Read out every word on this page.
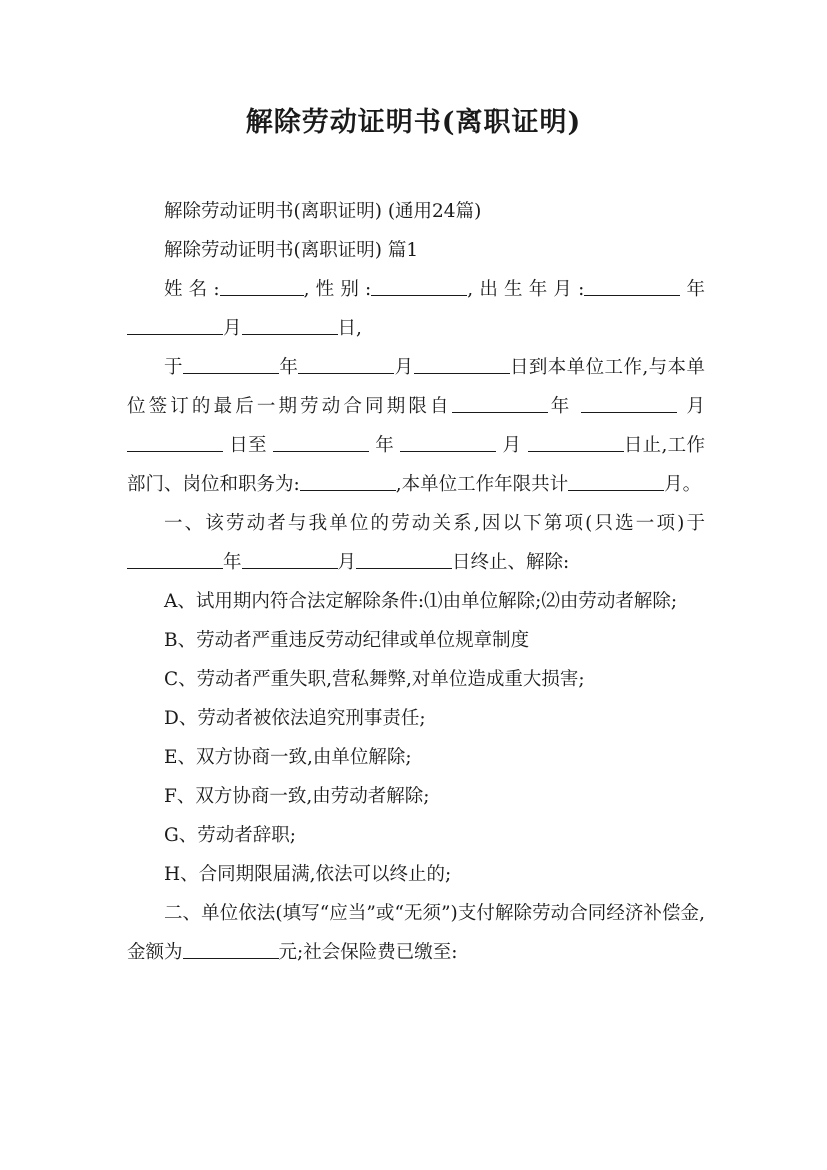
解除劳动证明书(离职证明)

解除劳动证明书(离职证明) (通用24篇)

解除劳动证明书(离职证明) 篇1

姓名:	,性别:	,出生年月:	年月	日,

于	年	月	日到本单位工作,与本单位签订的最后一期劳动合同期限自	年	月  日至	年	月	日止,工作部门、岗位和职务为:	,本单位工作年限共计	月。

一、该劳动者与我单位的劳动关系,因以下第项(只选一项)于年	月	日终止、解除:

A、试用期内符合法定解除条件:⑴由单位解除;⑵由劳动者解除;

B、劳动者严重违反劳动纪律或单位规章制度

C、劳动者严重失职,营私舞弊,对单位造成重大损害;

D、劳动者被依法追究刑事责任;

E、双方协商一致,由单位解除;

F、双方协商一致,由劳动者解除;

G、劳动者辞职;

H、合同期限届满,依法可以终止的;

二、单位依法(填写“应当”或“无须”)支付解除劳动合同经济补偿金,金额为	元;社会保险费已缴至:
